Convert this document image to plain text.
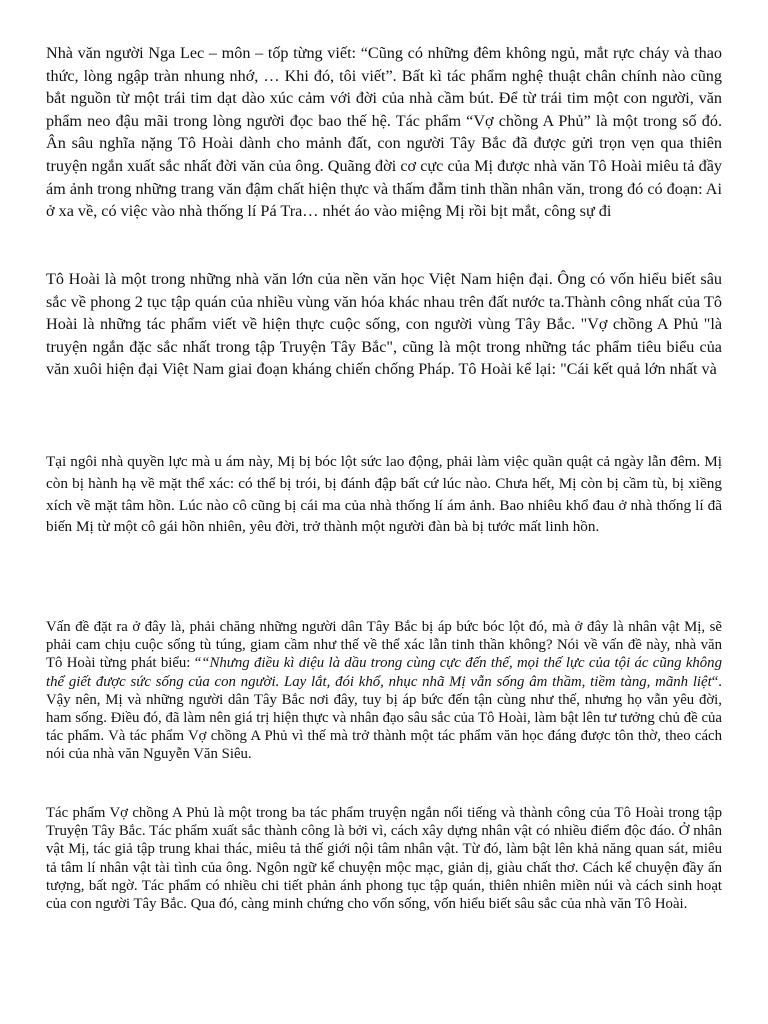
Nhà văn người Nga Lec – môn – tốp từng viết: “Cũng có những đêm không ngủ, mắt rực cháy và thao thức, lòng ngập tràn nhung nhớ, … Khi đó, tôi viết”. Bất kì tác phẩm nghệ thuật chân chính nào cũng bắt nguồn từ một trái tim dạt dào xúc cảm với đời của nhà cầm bút. Để từ trái tim một con người, văn phẩm neo đậu mãi trong lòng người đọc bao thế hệ. Tác phẩm “Vợ chồng A Phủ” là một trong số đó. Ân sâu nghĩa nặng Tô Hoài dành cho mảnh đất, con người Tây Bắc đã được gửi trọn vẹn qua thiên truyện ngắn xuất sắc nhất đời văn của ông. Quãng đời cơ cực của Mị được nhà văn Tô Hoài miêu tả đầy ám ảnh trong những trang văn đậm chất hiện thực và thấm đẫm tinh thần nhân văn, trong đó có đoạn: Ai ở xa về, có việc vào nhà thống lí Pá Tra… nhét áo vào miệng Mị rồi bịt mắt, công sự đi

Tô Hoài là một trong những nhà văn lớn của nền văn học Việt Nam hiện đại. Ông có vốn hiểu biết sâu sắc về phong 2 tục tập quán của nhiều vùng văn hóa khác nhau trên đất nước ta.Thành công nhất của Tô Hoài là những tác phẩm viết về hiện thực cuộc sống, con người vùng Tây Bắc. "Vợ chồng A Phủ "là truyện ngắn đặc sắc nhất trong tập Truyện Tây Bắc", cũng là một trong những tác phẩm tiêu biểu của văn xuôi hiện đại Việt Nam giai đoạn kháng chiến chống Pháp. Tô Hoài kể lại: "Cái kết quả lớn nhất và

Tại ngôi nhà quyền lực mà u ám này, Mị bị bóc lột sức lao động, phải làm việc quần quật cả ngày lẫn đêm. Mị còn bị hành hạ về mặt thể xác: có thể bị trói, bị đánh đập bất cứ lúc nào. Chưa hết, Mị còn bị cầm tù, bị xiềng xích về mặt tâm hồn. Lúc nào cô cũng bị cái ma của nhà thống lí ám ảnh. Bao nhiêu khổ đau ở nhà thống lí đã biến Mị từ một cô gái hồn nhiên, yêu đời, trở thành một người đàn bà bị tước mất linh hồn.

Vấn đề đặt ra ở đây là, phải chăng những người dân Tây Bắc bị áp bức bóc lột đó, mà ở đây là nhân vật Mị, sẽ phải cam chịu cuộc sống tù túng, giam cầm như thế về thể xác lẫn tinh thần không? Nói về vấn đề này, nhà văn Tô Hoài từng phát biểu: ““Nhưng điều kì diệu là dầu trong cùng cực đến thế, mọi thế lực của tội ác cũng không thể giết được sức sống của con người. Lay lắt, đói khổ, nhục nhã Mị vẫn sống âm thầm, tiềm tàng, mãnh liệt“. Vậy nên, Mị và những người dân Tây Bắc nơi đây, tuy bị áp bức đến tận cùng như thế, nhưng họ vẫn yêu đời, ham sống. Điều đó, đã làm nên giá trị hiện thực và nhân đạo sâu sắc của Tô Hoài, làm bật lên tư tưởng chủ đề của tác phẩm. Và tác phẩm Vợ chồng A Phủ vì thế mà trở thành một tác phẩm văn học đáng được tôn thờ, theo cách nói của nhà văn Nguyễn Văn Siêu.

Tác phẩm Vợ chồng A Phủ là một trong ba tác phẩm truyện ngắn nổi tiếng và thành công của Tô Hoài trong tập Truyện Tây Bắc. Tác phẩm xuất sắc thành công là bởi vì, cách xây dựng nhân vật có nhiều điểm độc đáo. Ở nhân vật Mị, tác giả tập trung khai thác, miêu tả thế giới nội tâm nhân vật. Từ đó, làm bật lên khả năng quan sát, miêu tả tâm lí nhân vật tài tình của ông. Ngôn ngữ kể chuyện mộc mạc, giản dị, giàu chất thơ. Cách kể chuyện đầy ấn tượng, bất ngờ. Tác phẩm có nhiều chi tiết phản ánh phong tục tập quán, thiên nhiên miền núi và cách sinh hoạt của con người Tây Bắc. Qua đó, càng minh chứng cho vốn sống, vốn hiểu biết sâu sắc của nhà văn Tô Hoài.
